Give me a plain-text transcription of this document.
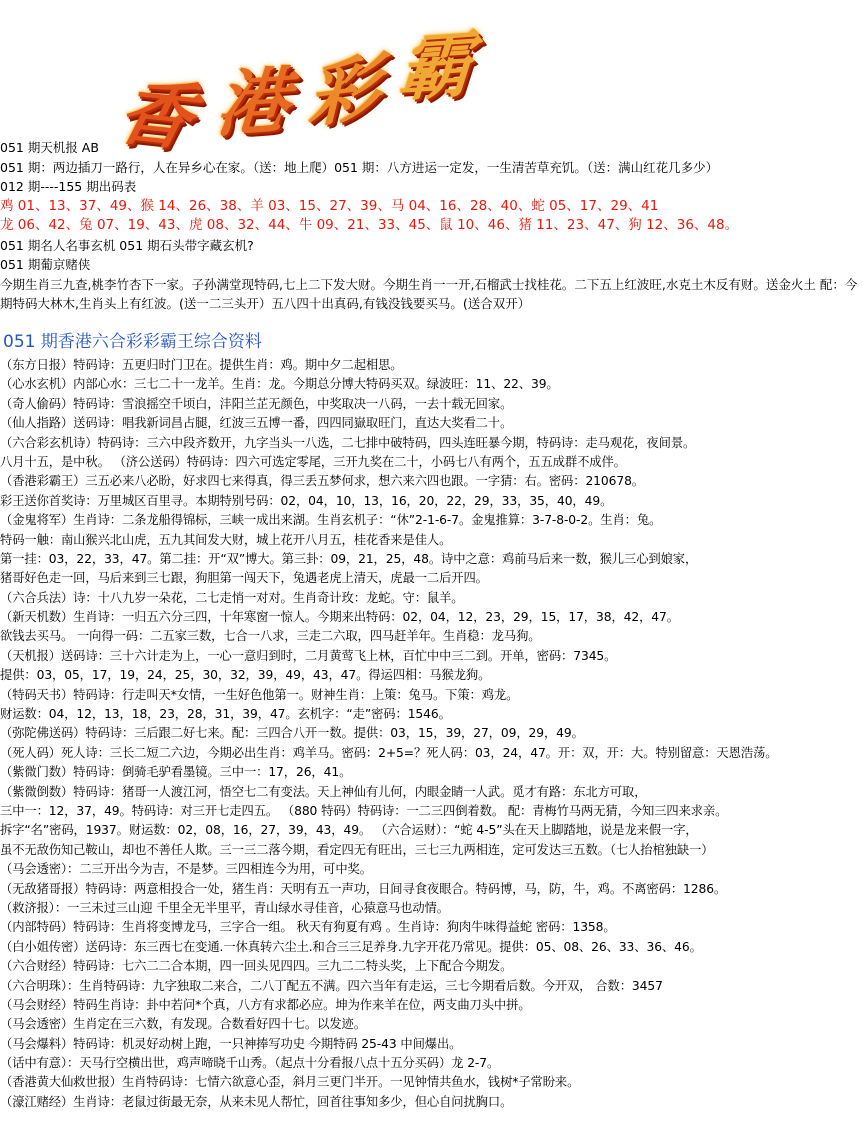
香
港
彩
霸
051 期天机报 AB
051 期：两边插刀一路行，人在异乡心在家。（送：地上爬）051 期：八方进运一定发，一生清苦草充饥。（送：满山红花几多少）
012 期----155 期出码表
鸡 01、13、37、49、猴 14、26、38、羊 03、15、27、39、马 04、16、28、40、蛇 05、17、29、41
龙 06、42、兔 07、19、43、虎 08、32、44、牛 09、21、33、45、鼠 10、46、猪 11、23、47、狗 12、36、48。
051 期名人名事玄机 051 期石头带字藏玄机?
051 期葡京赌侠
今期生肖三九查,桃李竹杏下一家。子孙满堂现特码,七上二下发大财。今期生肖一一开,石榴武士找桂花。二下五上红波旺,水克土木反有财。送金火土 配：今期特码大林木,生肖头上有红波。(送一二三头开）五八四十出真码,有钱没钱要买马。(送合双开）
051 期香港六合彩彩霸王综合资料
（东方日报）特码诗：五更归时门卫在。提供生肖：鸡。期中夕二起相思。
（心水玄机）内部心水：三七二十一龙羊。生肖：龙。今期总分博大特码买双。绿波旺：11、22、39。
（奇人偷码）特码诗：雪浪摇空千顷白，沣阳兰芷无颜色，中奖取决一八码，一去十载无回家。
（仙人指路）送码诗：唱我新词昌占腿，红波三五博一番，四四同嶽取旺门，直达大奖看二十。
（六合彩玄机诗）特码诗：三六中段齐数开，九字当头一八选，二七排中破特码，四头连旺暴今期，特码诗：走马观花，夜间景。
八月十五，是中秋。 （济公送码）特码诗：四六可选定零尾，三开九奖在二十，小码七八有两个，五五成群不成伴。
（香港彩霸王）三五必来八必盼，好求四七来得真，得三丢五梦何求，想六来六四也跟。一字猜：右。密码：210678。
彩王送你首奖诗：万里城区百里寻。本期特别号码：02，04，10，13，16，20，22，29，33，35，40，49。
（金鬼将军）生肖诗：二条龙船得锦标，三峡一成出来湖。生肖玄机子：“休”2-1-6-7。金鬼推算：3-7-8-0-2。生肖：兔。
特码一触：南山猴兴北山虎，五九其间发大财，城上花开八月五，桂花香来是佳人。
第一挂：03，22，33，47。第二挂：开“双”博大。第三卦：09，21，25，48。诗中之意：鸡前马后来一数，猴儿三心到娘家，
猪哥好色走一回，马后来到三七跟，狗胆第一闯天下，兔遇老虎上清天，虎最一二后开四。
（六合兵法）诗：十八九岁一朵花，二七走悄一对对。生肖奇计玫：龙蛇。守：鼠羊。
（新天机数）生肖诗：一归五六分三四，十年寒窗一惊人。今期来出特码：02，04，12，23，29，15，17，38，42，47。
欲钱去买马。 一向得一码：二五家三数，七合一八求，三走二六取，四马赶羊年。生肖稳：龙马狗。
（天机报）送码诗：三十六计走为上，一心一意归到时，二月黄莺飞上林，百忙中中三二到。开单，密码：7345。
提供：03，05，17，19，24，25，30，32，39，49，43，47。得运四相：马猴龙狗。
（特码天书）特码诗：行走叫天*女情，一生好色他第一。财神生肖：上策：兔马。下策：鸡龙。
财运数：04，12，13，18，23，28，31，39，47。玄机字：“走”密码：1546。
（弥陀佛送码）特码诗：三后跟二好七来。配：三四合八开一数。提供：03，15，39，27，09，29，49。
（死人码）死人诗：三长二短二六边，今期必出生肖：鸡羊马。密码：2+5=？死人码：03，24，47。开：双，开：大。特别留意：天恩浩荡。
（紫微门数）特码诗：倒骑毛驴看墨镜。三中一：17，26，41。
（紫微倒数）特码诗：猪哥一人渡江河，悟空七二有变法。天上神仙有儿何，内眼金睛一人武。觅才有路：东北方可取，
三中一：12，37，49。特码诗：对三开七走四五。 （880 特码）特码诗：一二三四倒着数。 配：青梅竹马两无猜，今知三四来求亲。
拆字“名”密码，1937。财运数：02，08，16，27，39，43，49。 （六合运财）：“蛇 4-5”头在天上脚踏地，说是龙来假一字，
虽不无敌伤知己鞍山，却也不善任人欺。三一三二落今期，看定四无有旺出，三七三九两相连，定可发达三五数。（七人抬棺独缺一）
（马会透密）：二三开出今为吉，不是梦。三四相连今为用，可中奖。
（无敌猪哥报）特码诗：两意相投合一处，猪生肖：天明有五一声功，日间寻食夜眼合。特码博，马，防，牛，鸡。不离密码：1286。
（救济报）：一三未过三山迎 千里全无半里平，青山绿水寻佳音，心猿意马也动情。
（内部特码）特码诗：生肖将变博龙马，三字合一组。 秋天有狗夏有鸡 。生肖诗：狗肉牛味得益蛇 密码：1358。
（白小姐传密）送码诗：东三西七在变通.一休真转六尘土.和合三三足养身.九字开花乃常见。提供：05、08、26、33、36、46。
（六合财经）特码诗：七六二二合本期，四一回头见四四。三九二二特头奖，上下配合今期发。
（六合明珠）：生肖特码诗：九字独取二来合，二八丁配五不满。四六当年有走运，三七今期看后数。今开双， 合数：3457
（马会财经）特码生肖诗：卦中若问*个真，八方有求都必应。坤为作来羊在位，两支曲刀头中拼。
（马会透密）生肖定在三六数，有发现。合数看好四十七。以发迹。
（马会爆料）特码诗：机灵好动树上跑，一只神捧写功史 今期特码 25-43 中间爆出。
（话中有意）：天马行空横出世，鸡声啼晓千山秀。（起点十分看报八点十五分买码）龙 2-7。
（香港黄大仙救世报）生肖特码诗：七情六欲意心歪，斜月三更门半开。一见钟情共鱼水，钱树*子常盼来。
（濠江赌经）生肖诗：老鼠过街最无奈，从来未见人帮忙，回首往事知多少，但心自问扰胸口。
